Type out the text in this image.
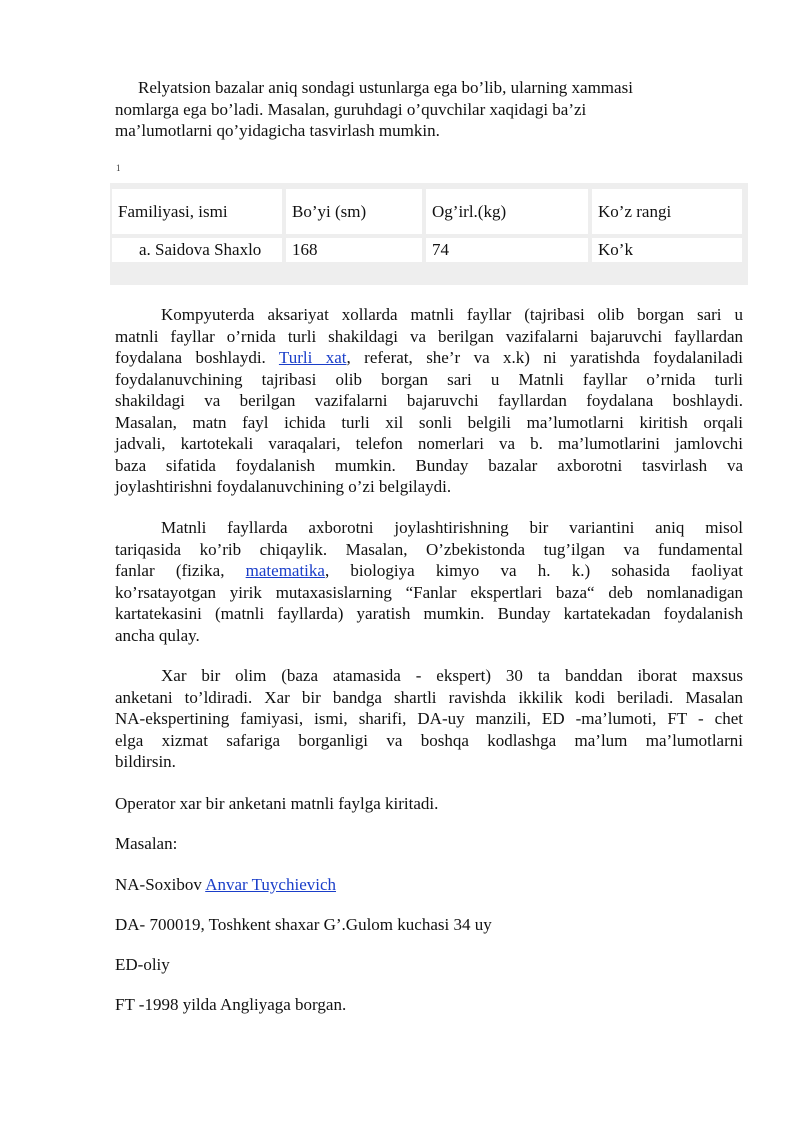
Relyatsion bazalar aniq sondagi ustunlarga ega bo’lib, ularning xammasi
nomlarga ega bo’ladi. Masalan, guruhdagi o’quvchilar xaqidagi ba’zi
ma’lumotlarni qo’yidagicha tasvirlash mumkin.
1
Familiyasi, ismi	Bo’yi (sm)	Og’irl.(kg)	Ko’z rangi
a. Saidova Shaxlo 168	74	Ko’k
Kompyuterda aksariyat xollarda matnli fayllar (tajribasi olib borgan sari u
matnli fayllar o’rnida turli shakildagi va berilgan vazifalarni bajaruvchi fayllardan
foydalana boshlaydi. Turli xat, referat, she’r va x.k) ni yaratishda foydalaniladi
foydalanuvchining tajribasi olib borgan sari u Matnli fayllar o’rnida turli
shakildagi va berilgan vazifalarni bajaruvchi fayllardan foydalana boshlaydi.
Masalan, matn fayl ichida turli xil sonli belgili ma’lumotlarni kiritish orqali
jadvali, kartotekali varaqalari, telefon nomerlari va b. ma’lumotlarini jamlovchi
baza sifatida foydalanish mumkin. Bunday bazalar axborotni tasvirlash va
joylashtirishni foydalanuvchining o’zi belgilaydi.
Matnli fayllarda axborotni joylashtirishning bir variantini aniq misol
tariqasida ko’rib chiqaylik. Masalan, O’zbekistonda tug’ilgan va fundamental
fanlar (fizika, matematika, biologiya kimyo va h. k.) sohasida faoliyat
ko’rsatayotgan yirik mutaxasislarning “Fanlar ekspertlari baza“ deb nomlanadigan
kartatekasini (matnli fayllarda) yaratish mumkin. Bunday kartatekadan foydalanish
ancha qulay.
Xar bir olim (baza atamasida - ekspert) 30 ta banddan iborat maxsus
anketani to’ldiradi. Xar bir bandga shartli ravishda ikkilik kodi beriladi. Masalan
NA-ekspertining famiyasi, ismi, sharifi, DA-uy manzili, ED -ma’lumoti, FT - chet
elga xizmat safariga borganligi va boshqa kodlashga ma’lum ma’lumotlarni
bildirsin.
Operator xar bir anketani matnli faylga kiritadi.
Masalan:
NA-Soxibov Anvar Tuychievich
DA- 700019, Toshkent shaxar G’.Gulom kuchasi 34 uy
ED-oliy
FT -1998 yilda Angliyaga borgan.
